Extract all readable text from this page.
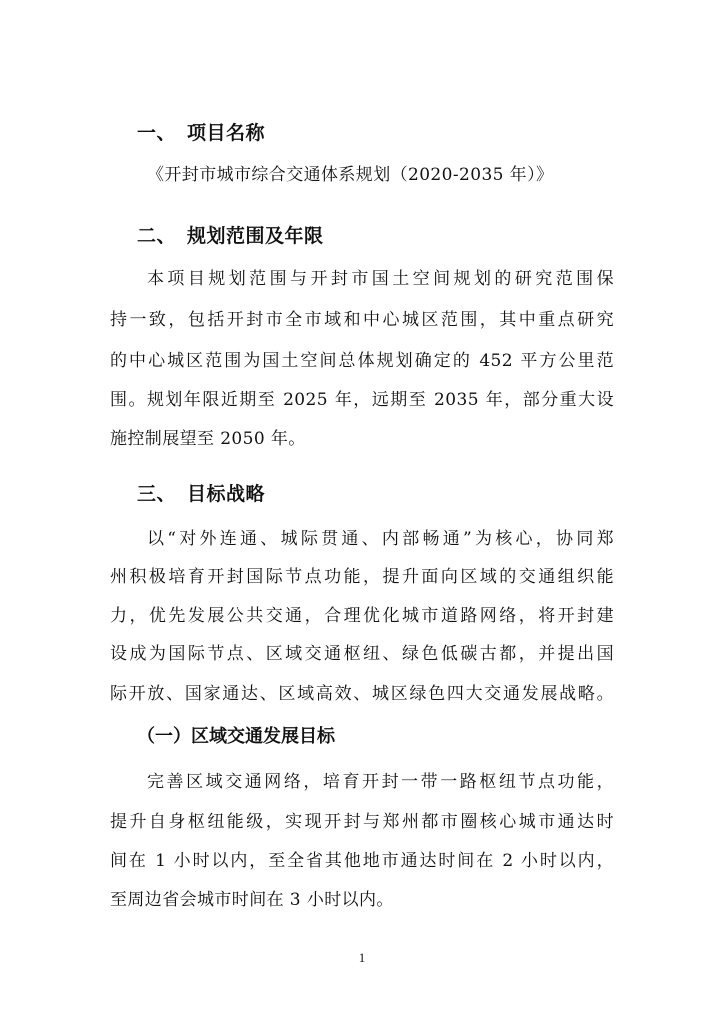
一、 项目名称
《开封市城市综合交通体系规划（2020-2035 年）》
二、 规划范围及年限
本项目规划范围与开封市国土空间规划的研究范围保
持一致，包括开封市全市域和中心城区范围，其中重点研究
的中心城区范围为国土空间总体规划确定的 452 平方公里范
围。规划年限近期至 2025 年，远期至 2035 年，部分重大设
施控制展望至 2050 年。
三、 目标战略
以“对外连通、城际贯通、内部畅通”为核心，协同郑
州积极培育开封国际节点功能，提升面向区域的交通组织能
力，优先发展公共交通，合理优化城市道路网络，将开封建
设成为国际节点、区域交通枢纽、绿色低碳古都，并提出国
际开放、国家通达、区域高效、城区绿色四大交通发展战略。
（一）区域交通发展目标
完善区域交通网络，培育开封一带一路枢纽节点功能，
提升自身枢纽能级，实现开封与郑州都市圈核心城市通达时
间在 1 小时以内，至全省其他地市通达时间在 2 小时以内，
至周边省会城市时间在 3 小时以内。
1
